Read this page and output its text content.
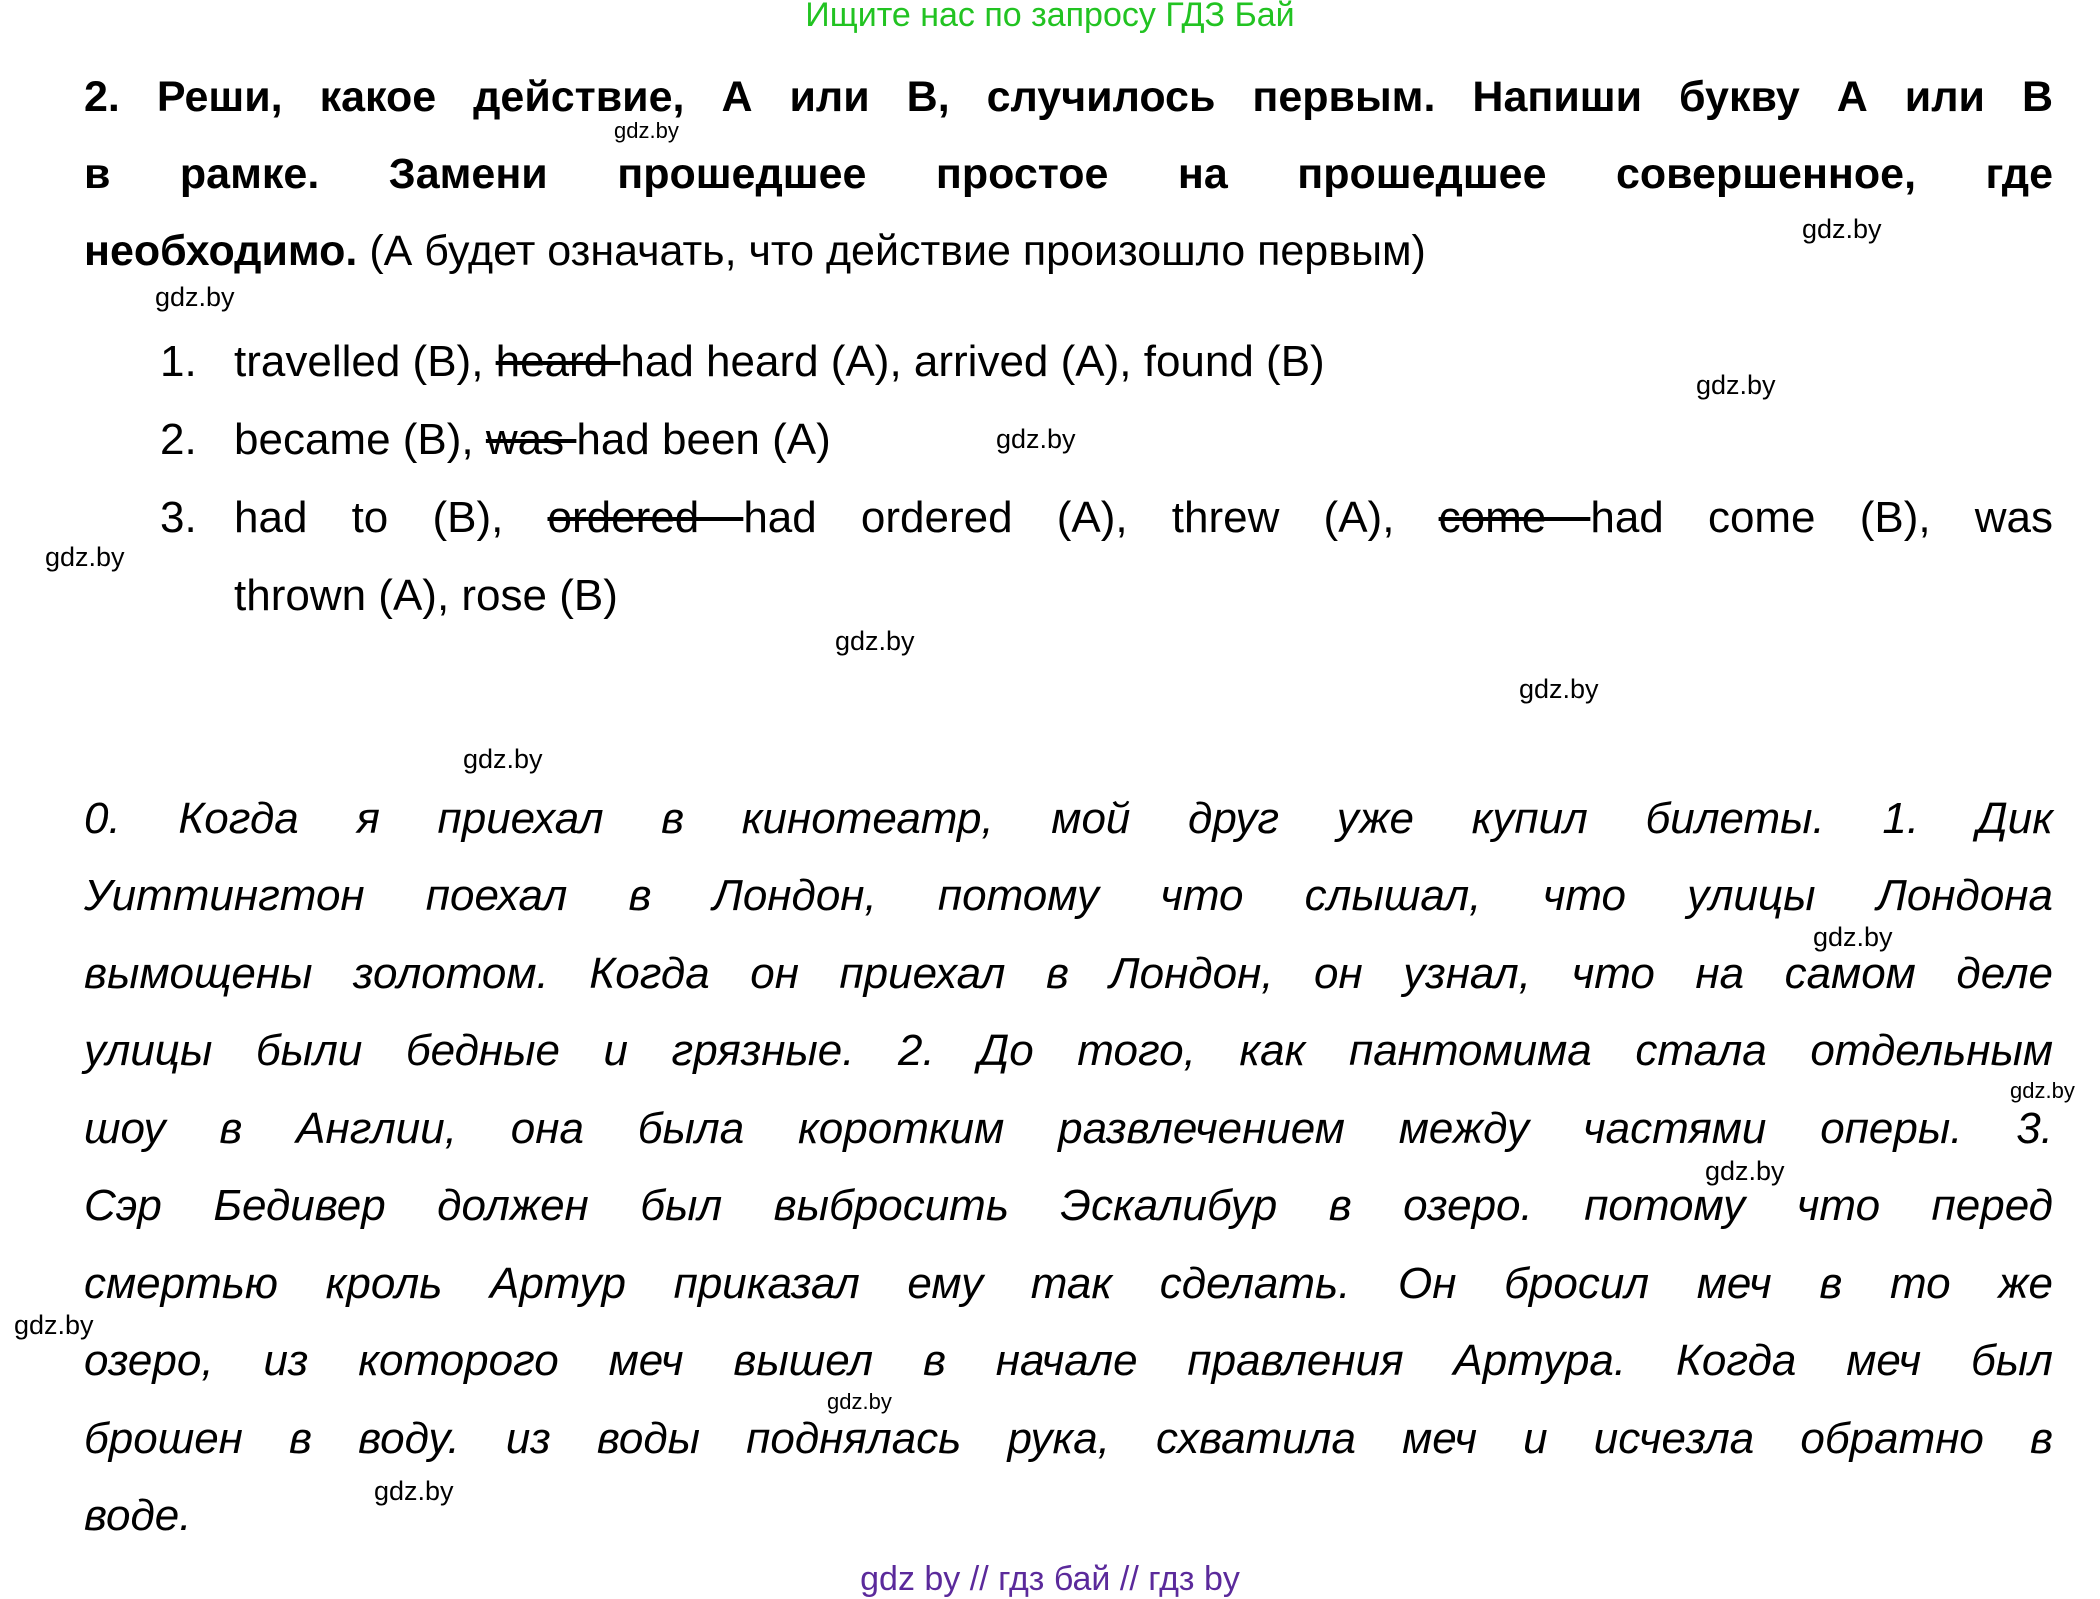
Ищите нас по запросу ГДЗ Бай
2. Реши, какое действие, А или В, случилось первым. Напиши букву А или В
в рамке. Замени прошедшее простое на прошедшее совершенное, где
необходимо. (А будет означать, что действие произошло первым)
1. travelled (B), heard had heard (A), arrived (A), found (B)
2. became (B), was had been (A)
3. had to (B), ordered had ordered (A), threw (A), come had come (B), was
thrown (A), rose (B)
0. Когда я приехал в кинотеатр, мой друг уже купил билеты. 1. Дик
Уиттингтон поехал в Лондон, потому что слышал, что улицы Лондона
вымощены золотом. Когда он приехал в Лондон, он узнал, что на самом деле
улицы были бедные и грязные. 2. До того, как пантомима стала отдельным
шоу в Англии, она была коротким развлечением между частями оперы. 3.
Сэр Бедивер должен был выбросить Эскалибур в озеро. потому что перед
смертью кроль Артур приказал ему так сделать. Он бросил меч в то же
озеро, из которого меч вышел в начале правления Артура. Когда меч был
брошен в воду. из воды поднялась рука, схватила меч и исчезла обратно в
воде.
gdz.by
gdz.by
gdz.by
gdz.by
gdz.by
gdz.by
gdz.by
gdz.by
gdz.by
gdz.by
gdz.by
gdz.by
gdz.by
gdz.by
gdz.by
gdz by // гдз бай // гдз by
